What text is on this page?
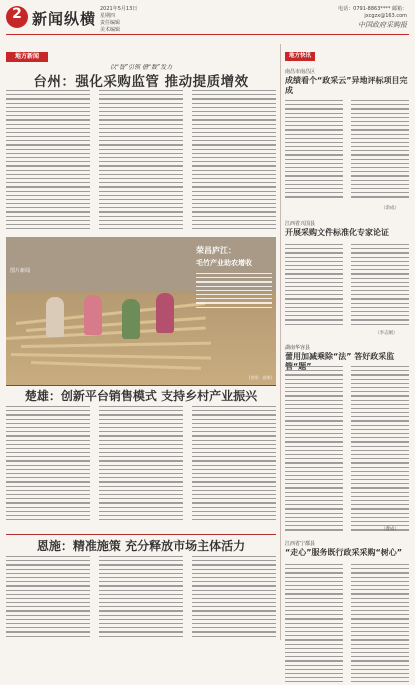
2 新闻纵横
2021年5月13日
星期四
责任编辑
美术编辑
电话：0791-8863**** 邮箱：
jxcgzx@163.com
中国政府采购报
地方新闻
以“智”引领 借“数”发力
台州：强化采购监管 推动提质增效
图片新闻
荣昌庐江：
毛竹产业助农增收
(供图：高敏)
楚雄：创新平台销售模式 支持乡村产业振兴
恩施：精准施策 充分释放市场主体活力
地方快讯
南昌市南昌区
成绩看个“政采云”异地评标项目完成
（余成）
江西省兴国县
开展采购文件标准化专家论证
（李志刚）
湖南华容县
蕾用加减乘除“法” 答好政采监
（曹成）
江西省宁都县
“走心”服务既行政采采购“树心”
